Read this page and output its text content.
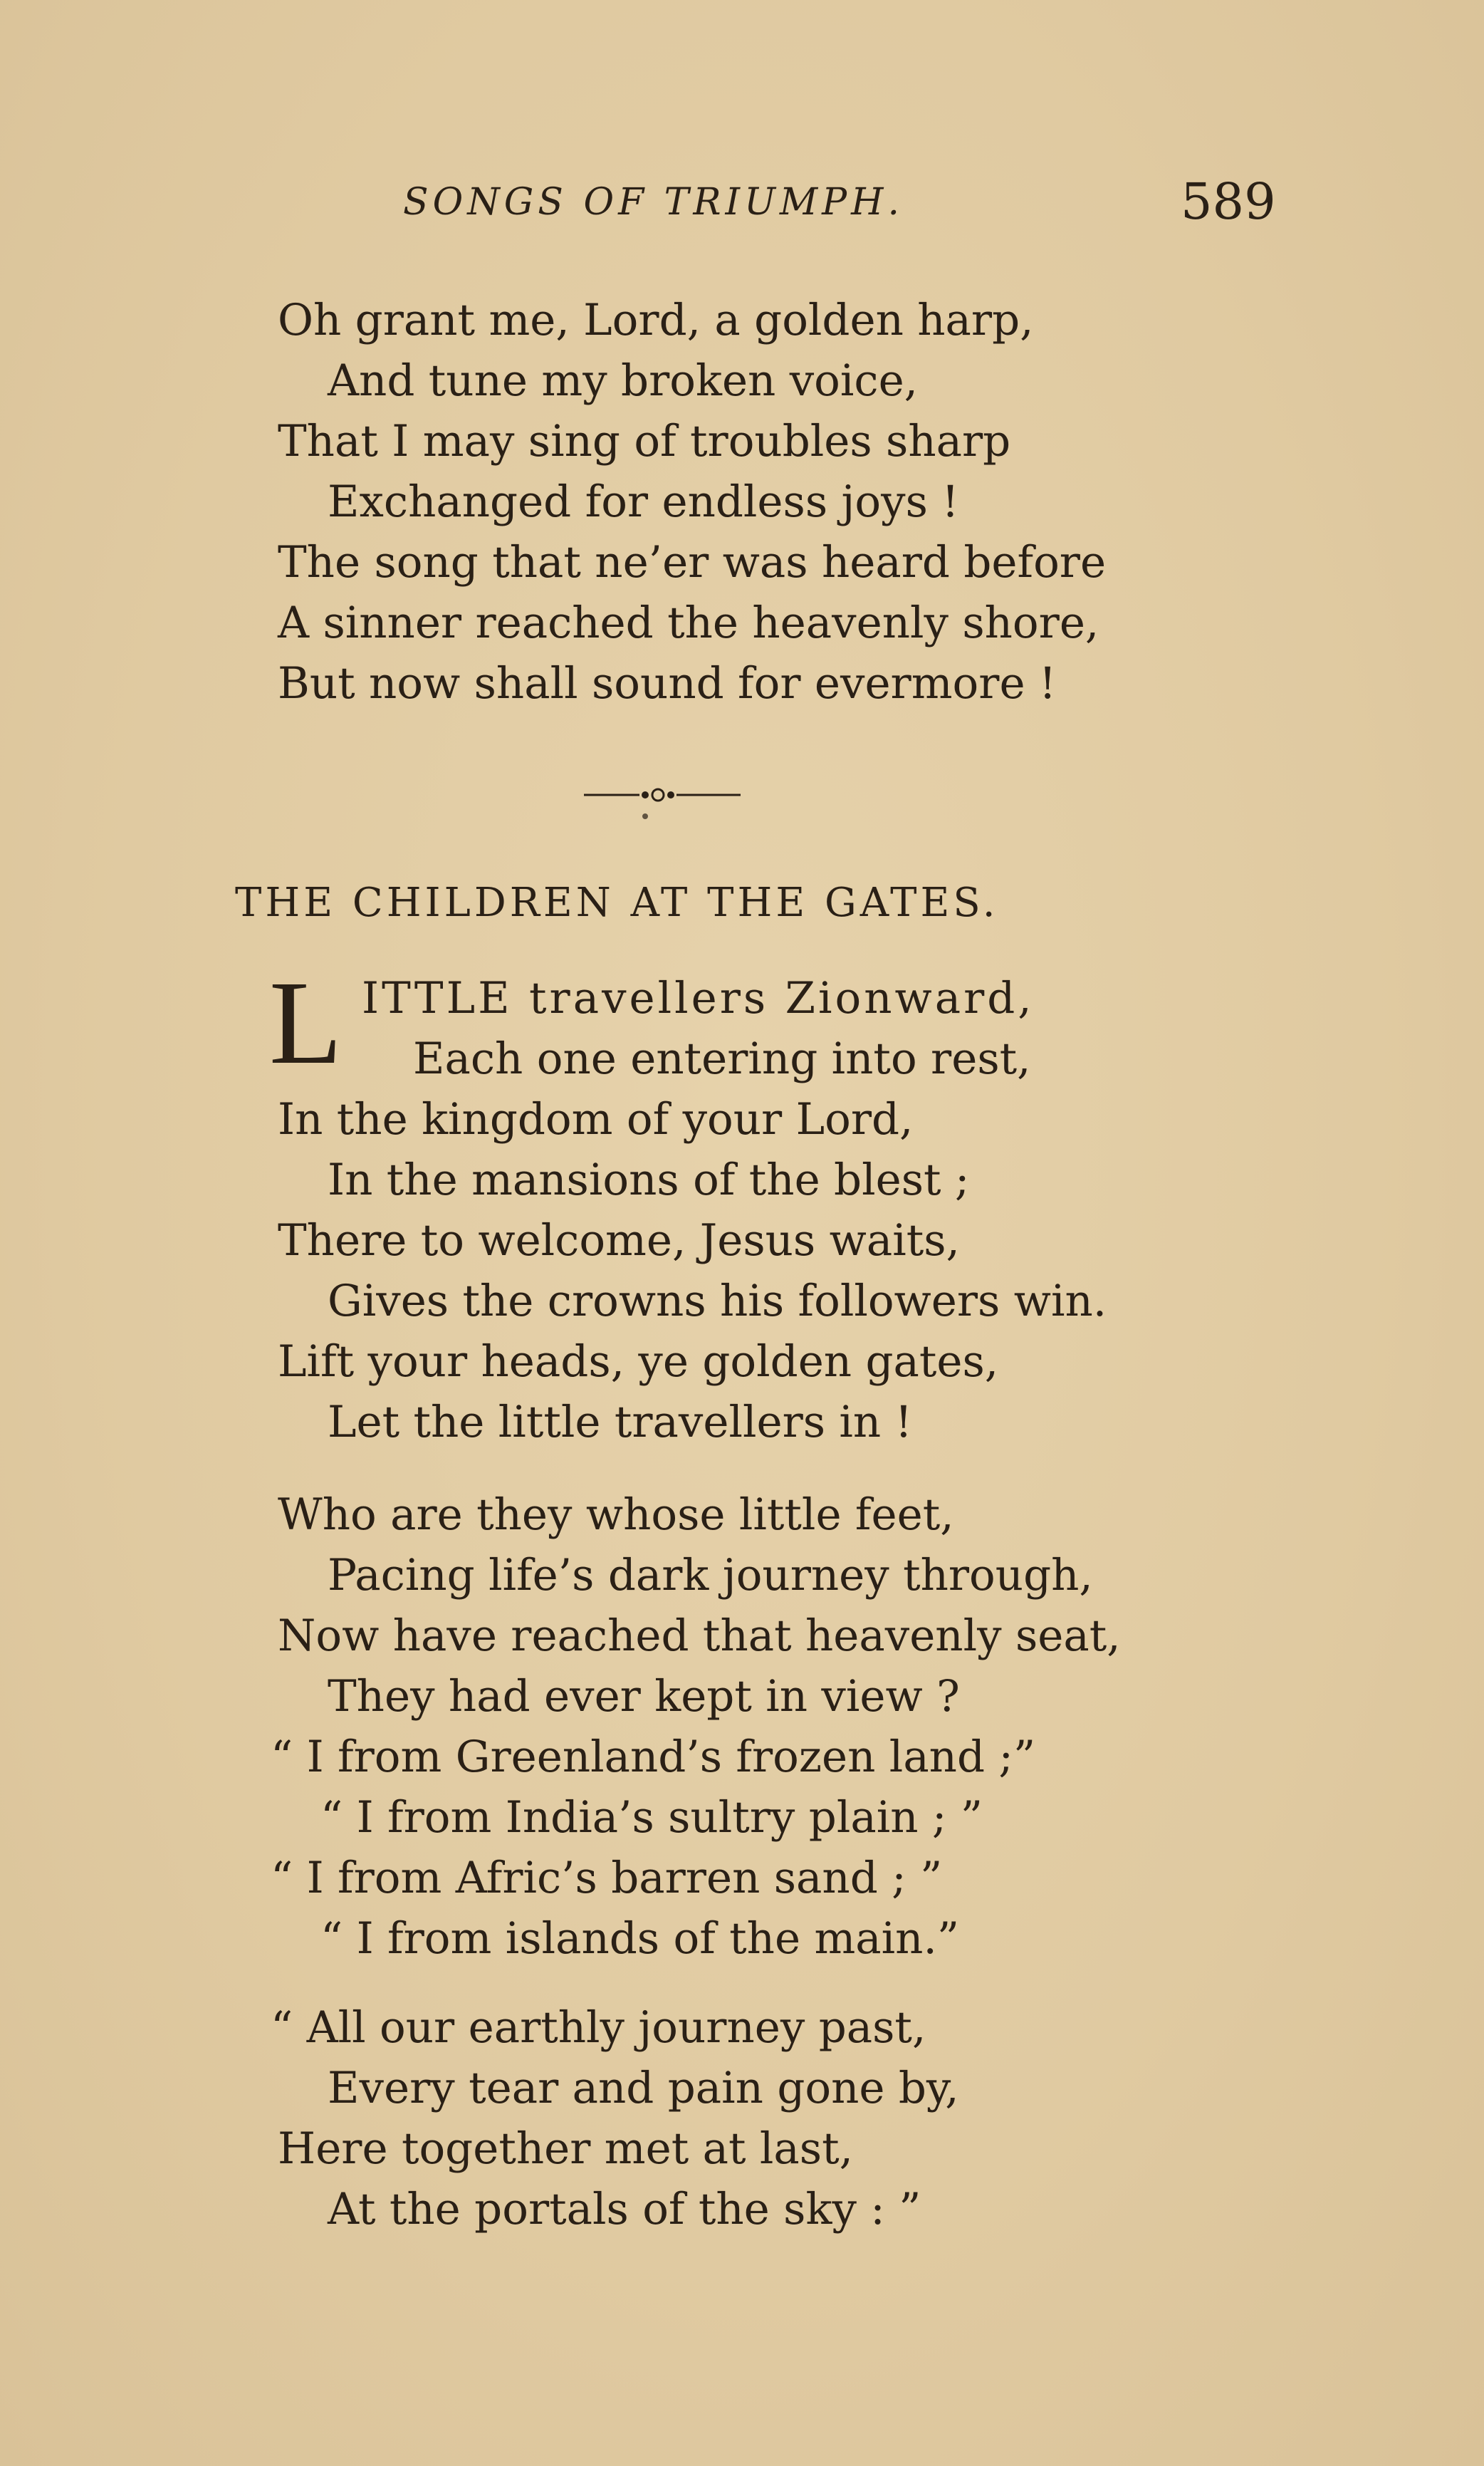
SONGS OF TRIUMPH.	589
Oh grant me, Lord, a golden harp,
And tune my broken voice,
That I may sing of troubles sharp
Exchanged for endless joys !
The song that ne’er was heard before
A sinner reached the heavenly shore,
But now shall sound for evermore !
THE CHILDREN AT THE GATES.
L ITTLE travellers Zionward,
Each one entering into rest,
In the kingdom of your Lord,
In the mansions of the blest ;
There to welcome, Jesus waits,
Gives the crowns his followers win.
Lift your heads, ye golden gates,
Let the little travellers in !
Who are they whose little feet,
Pacing life’s dark journey through,
Now have reached that heavenly seat,
They had ever kept in view ?
“ I from Greenland’s frozen land ;”
“ I from India’s sultry plain ; ”
“ I from Afric’s barren sand ; ”
“ I from islands of the main.”
“ All our earthly journey past,
Every tear and pain gone by,
Here together met at last,
At the portals of the sky : ”
